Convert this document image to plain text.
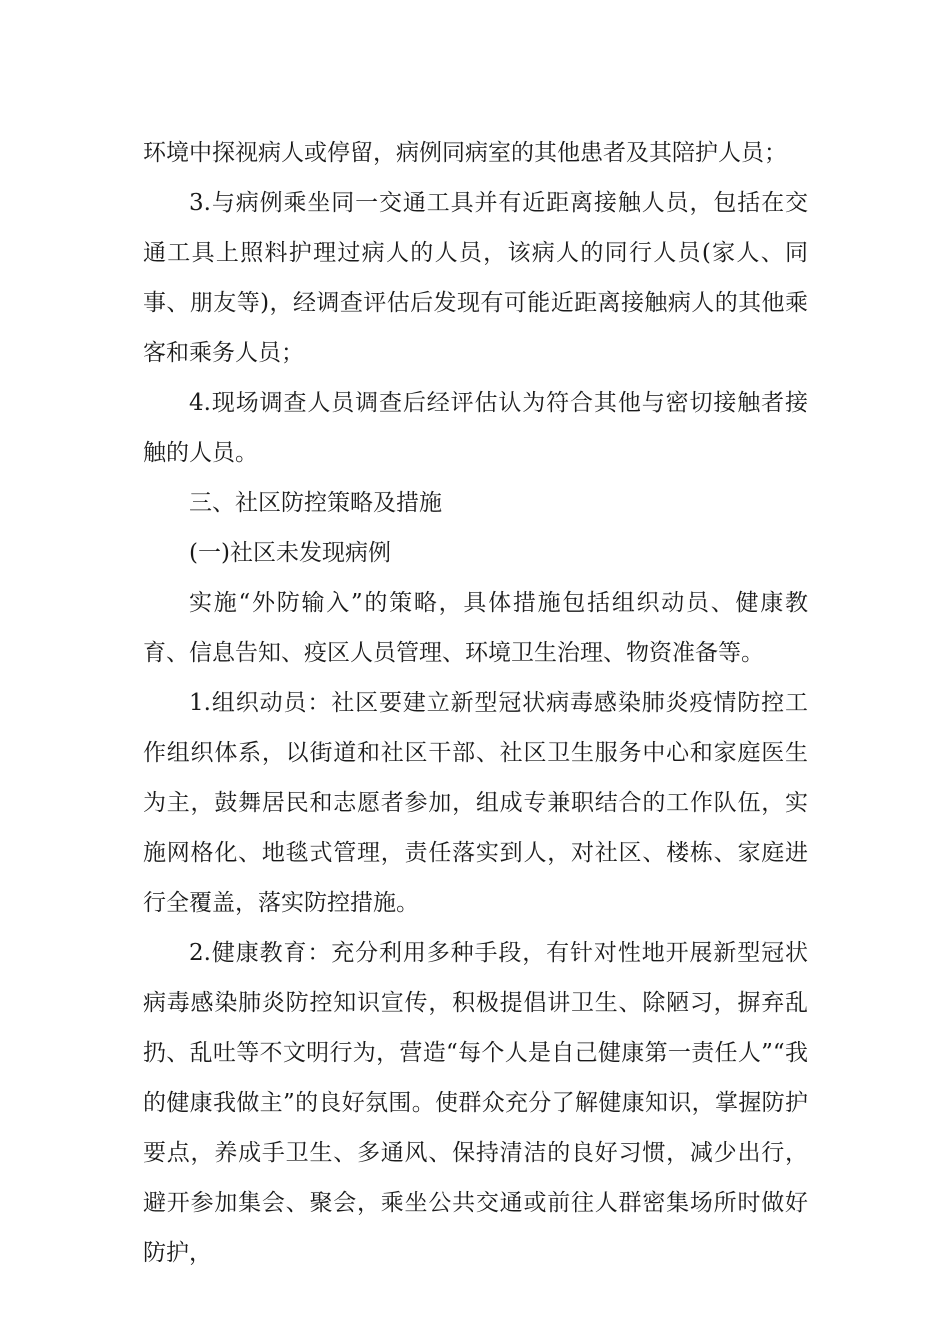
环境中探视病人或停留，病例同病室的其他患者及其陪护人员；

3.与病例乘坐同一交通工具并有近距离接触人员，包括在交通工具上照料护理过病人的人员，该病人的同行人员(家人、同事、朋友等)，经调查评估后发现有可能近距离接触病人的其他乘客和乘务人员；

4.现场调查人员调查后经评估认为符合其他与密切接触者接触的人员。

三、社区防控策略及措施

(一)社区未发现病例

实施“外防输入”的策略，具体措施包括组织动员、健康教育、信息告知、疫区人员管理、环境卫生治理、物资准备等。

1.组织动员：社区要建立新型冠状病毒感染肺炎疫情防控工作组织体系，以街道和社区干部、社区卫生服务中心和家庭医生为主，鼓舞居民和志愿者参加，组成专兼职结合的工作队伍，实施网格化、地毯式管理，责任落实到人，对社区、楼栋、家庭进行全覆盖，落实防控措施。

2.健康教育：充分利用多种手段，有针对性地开展新型冠状病毒感染肺炎防控知识宣传，积极提倡讲卫生、除陋习，摒弃乱扔、乱吐等不文明行为，营造“每个人是自己健康第一责任人”“我的健康我做主”的良好氛围。使群众充分了解健康知识，掌握防护要点，养成手卫生、多通风、保持清洁的良好习惯，减少出行，避开参加集会、聚会，乘坐公共交通或前往人群密集场所时做好防护，
